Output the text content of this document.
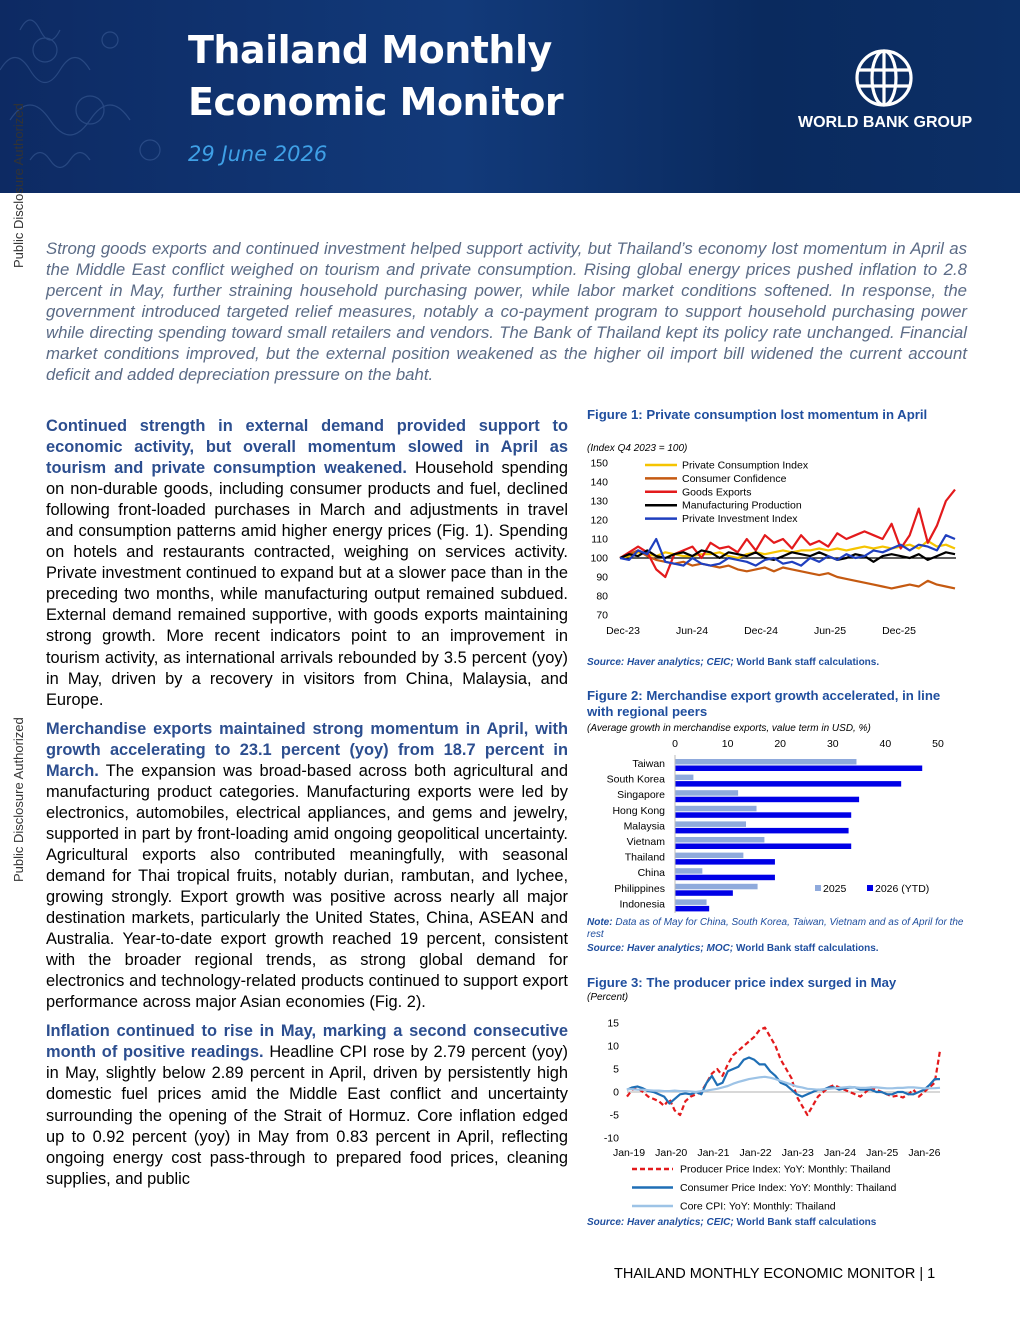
Thailand Monthly
Economic Monitor
29 June 2026
WORLD BANK GROUP
Public Disclosure Authorized
Public Disclosure Authorized

Strong goods exports and continued investment helped support activity, but Thailand’s economy lost momentum in April as the Middle East conflict weighed on tourism and private consumption. Rising global energy prices pushed inflation to 2.8 percent in May, further straining household purchasing power, while labor market conditions softened. In response, the government introduced targeted relief measures, notably a co-payment program to support household purchasing power while directing spending toward small retailers and vendors. The Bank of Thailand kept its policy rate unchanged. Financial market conditions improved, but the external position weakened as the higher oil import bill widened the current account deficit and added depreciation pressure on the baht.

Continued strength in external demand provided support to economic activity, but overall momentum slowed in April as tourism and private consumption weakened. Household spending on non-durable goods, including consumer products and fuel, declined following front-loaded purchases in March and adjustments in travel and consumption patterns amid higher energy prices (Fig. 1). Spending on hotels and restaurants contracted, weighing on services activity. Private investment continued to expand but at a slower pace than in the preceding two months, while manufacturing output remained subdued. External demand remained supportive, with goods exports maintaining strong growth. More recent indicators point to an improvement in tourism activity, as international arrivals rebounded by 3.5 percent (yoy) in May, driven by a recovery in visitors from China, Malaysia, and Europe.

Merchandise exports maintained strong momentum in April, with growth accelerating to 23.1 percent (yoy) from 18.7 percent in March. The expansion was broad-based across both agricultural and manufacturing product categories. Manufacturing exports were led by electronics, automobiles, electrical appliances, and gems and jewelry, supported in part by front-loading amid ongoing geopolitical uncertainty. Agricultural exports also contributed meaningfully, with seasonal demand for Thai tropical fruits, notably durian, rambutan, and lychee, growing strongly. Export growth was positive across nearly all major destination markets, particularly the United States, China, ASEAN and Australia. Year-to-date export growth reached 19 percent, consistent with the broader regional trends, as strong global demand for electronics and technology-related products continued to support export performance across major Asian economies (Fig. 2).

Inflation continued to rise in May, marking a second consecutive month of positive readings. Headline CPI rose by 2.79 percent (yoy) in May, slightly below 2.89 percent in April, driven by persistently high domestic fuel prices amid the Middle East conflict and uncertainty surrounding the opening of the Strait of Hormuz. Core inflation edged up to 0.92 percent (yoy) in May from 0.83 percent in April, reflecting ongoing energy cost pass-through to prepared food prices, cleaning supplies, and public

Figure 1: Private consumption lost momentum in April

(Index Q4 2023 = 100)

70
80
90
100
110
120
130
140
150
Dec-23	Jun-24	Dec-24	Jun-25	Dec-25
Private Consumption Index
Consumer Confidence
Goods Exports
Manufacturing Production
Private Investment Index

Source: Haver analytics; CEIC; World Bank staff calculations.

Figure 2: Merchandise export growth accelerated, in line with regional peers

(Average growth in merchandise exports, value term in USD, %)

0	10	20	30	40	50
Taiwan
South Korea
Singapore
Hong Kong
Malaysia
Vietnam
Thailand
China
Philippines
Indonesia
2025	2026 (YTD)

Note: Data as of May for China, South Korea, Taiwan, Vietnam and as of April for the rest

Source: Haver analytics; MOC; World Bank staff calculations.

Figure 3: The producer price index surged in May

(Percent)

-10
-5
0
5
10
15
Jan-19 Jan-20 Jan-21 Jan-22 Jan-23 Jan-24 Jan-25 Jan-26
Producer Price Index: YoY: Monthly: Thailand
Consumer Price Index: YoY: Monthly: Thailand
Core CPI: YoY: Monthly: Thailand

Source: Haver analytics; CEIC; World Bank staff calculations

THAILAND MONTHLY ECONOMIC MONITOR | 1
